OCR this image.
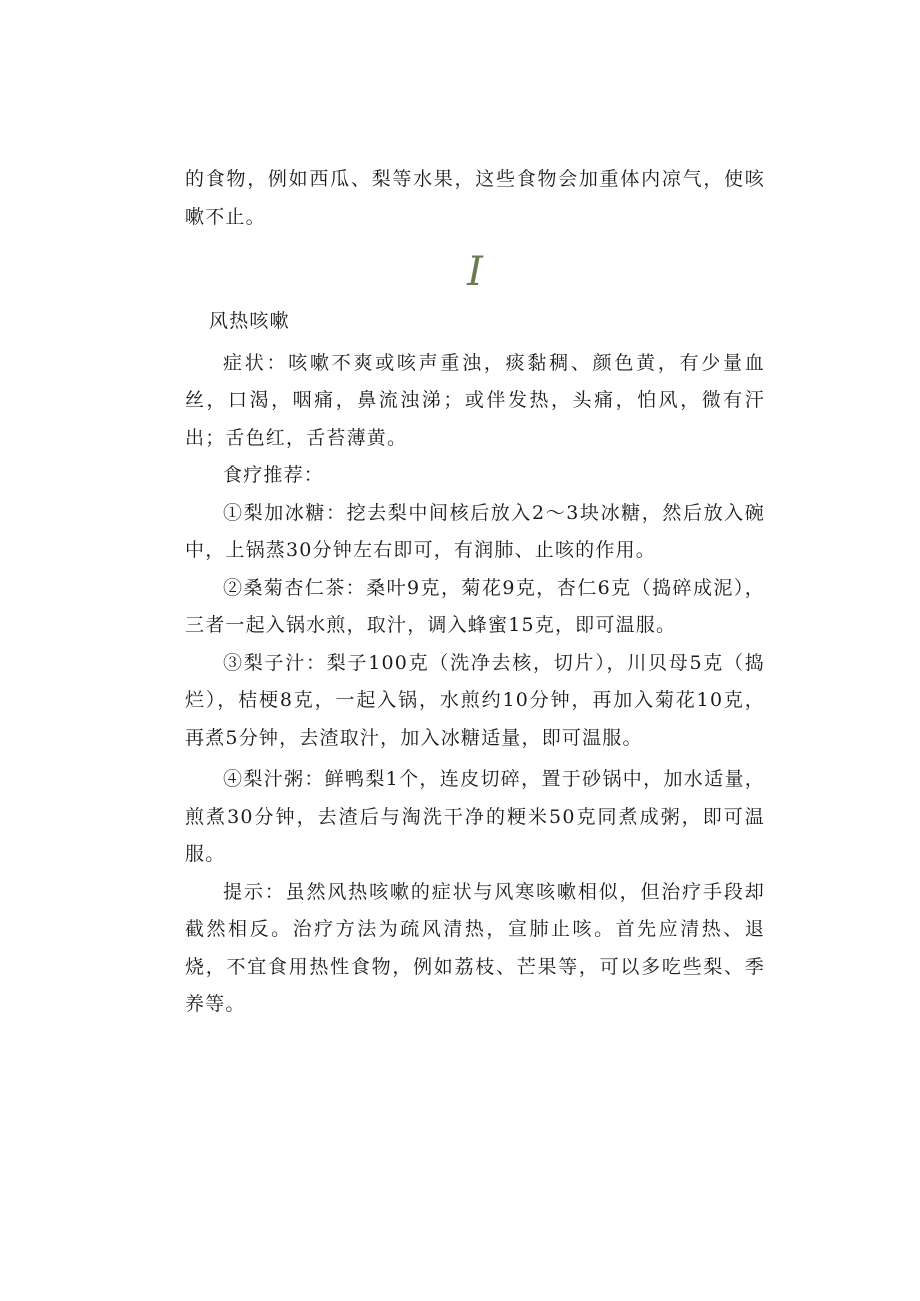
的食物，例如西瓜、梨等水果，这些食物会加重体内凉气，使咳嗽不止。

I

风热咳嗽

症状：咳嗽不爽或咳声重浊，痰黏稠、颜色黄，有少量血丝，口渴，咽痛，鼻流浊涕；或伴发热，头痛，怕风，微有汗出；舌色红，舌苔薄黄。

食疗推荐：

①梨加冰糖：挖去梨中间核后放入2～3块冰糖，然后放入碗中，上锅蒸30分钟左右即可，有润肺、止咳的作用。

②桑菊杏仁茶：桑叶9克，菊花9克，杏仁6克（捣碎成泥），三者一起入锅水煎，取汁，调入蜂蜜15克，即可温服。

③梨子汁：梨子100克（洗净去核，切片），川贝母5克（捣烂），桔梗8克，一起入锅，水煎约10分钟，再加入菊花10克，再煮5分钟，去渣取汁，加入冰糖适量，即可温服。

④梨汁粥：鲜鸭梨1个，连皮切碎，置于砂锅中，加水适量，煎煮30分钟，去渣后与淘洗干净的粳米50克同煮成粥，即可温服。

提示：虽然风热咳嗽的症状与风寒咳嗽相似，但治疗手段却截然相反。治疗方法为疏风清热，宣肺止咳。首先应清热、退烧，不宜食用热性食物，例如荔枝、芒果等，可以多吃些梨、季养等。
